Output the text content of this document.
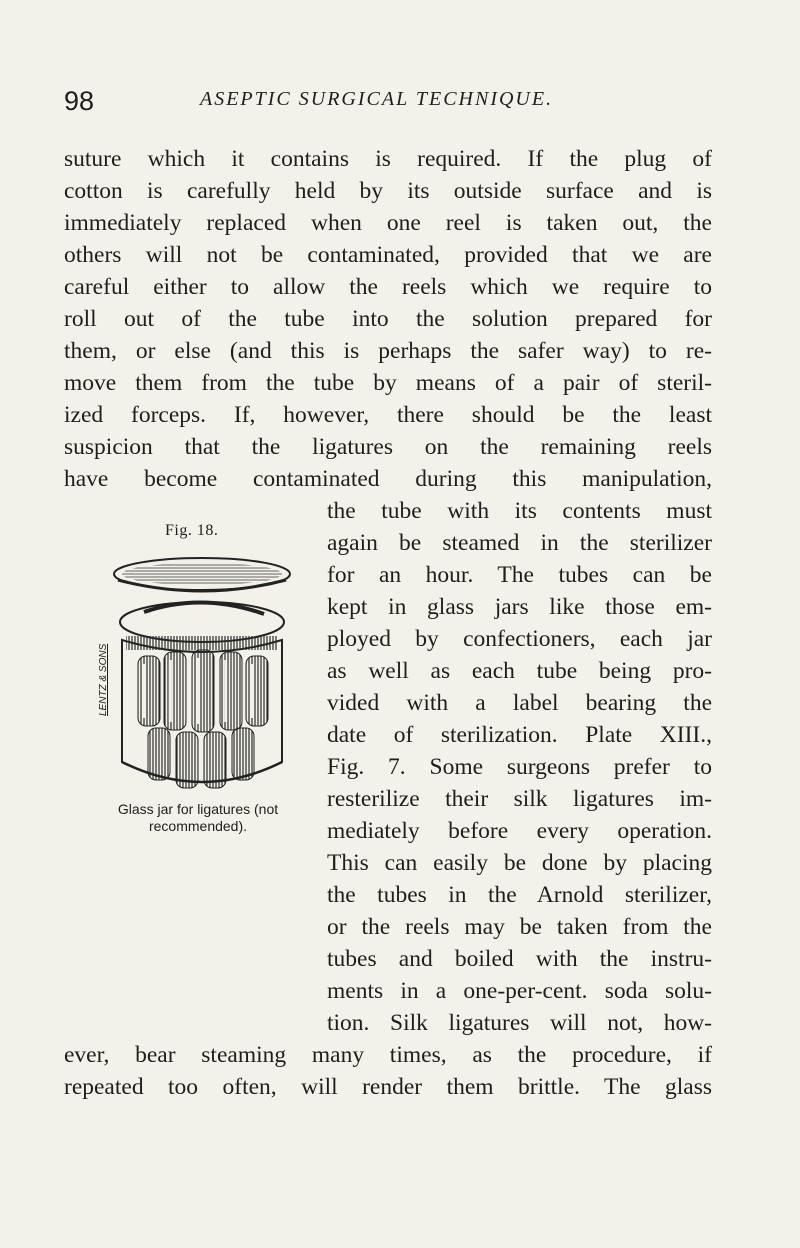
98	ASEPTIC SURGICAL TECHNIQUE.
suture which it contains is required. If the plug of
cotton is carefully held by its outside surface and is
immediately replaced when one reel is taken out, the
others will not be contaminated, provided that we are
careful either to allow the reels which we require to
roll out of the tube into the solution prepared for
them, or else (and this is perhaps the safer way) to re-
move them from the tube by means of a pair of steril-
ized forceps. If, however, there should be the least
suspicion that the ligatures on the remaining reels
have become contaminated during this manipulation,
the tube with its contents must
again be steamed in the sterilizer
for an hour. The tubes can be
kept in glass jars like those em-
ployed by confectioners, each jar
as well as each tube being pro-
vided with a label bearing the
date of sterilization. Plate XIII.,
Fig. 7. Some surgeons prefer to
resterilize their silk ligatures im-
mediately before every operation.
This can easily be done by placing
the tubes in the Arnold sterilizer,
or the reels may be taken from the
tubes and boiled with the instru-
ments in a one-per-cent. soda solu-
tion. Silk ligatures will not, how-
ever, bear steaming many times, as the procedure, if
repeated too often, will render them brittle. The glass
Fig. 18.
LENTZ & SONS
Glass jar for ligatures (not
recommended).
